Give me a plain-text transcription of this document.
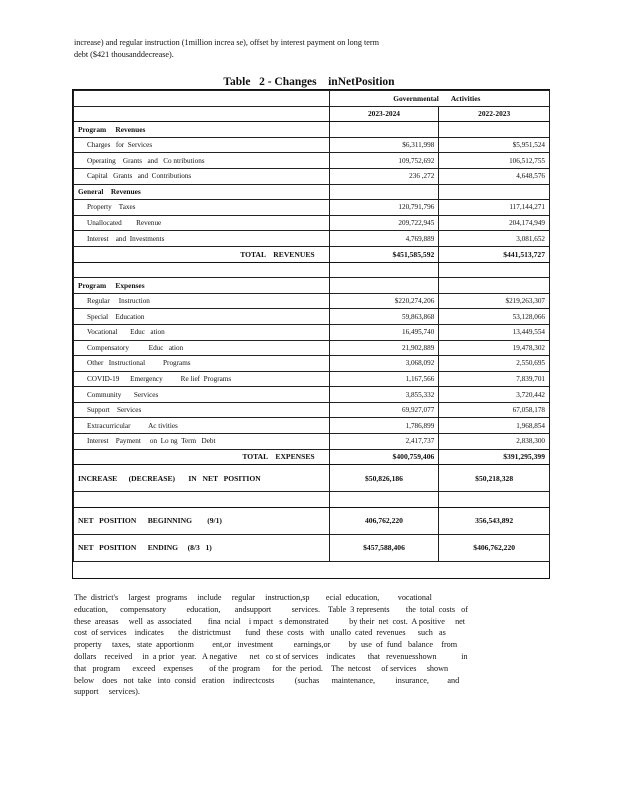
increase) and regular instruction (1million increa se), offset by interest payment on long term

debt ($421 thousanddecrease).

Table   2 - Changes    inNetPosition
	Governmental	Activities
	2023-2024	2022-2023
Program     Revenues		
Charges   for  Services	$6,311,998	$5,951,524
Operating    Grants   and   Co ntributions	109,752,692	106,512,755
Capital   Grants   and  Contributions	236 ,272	4,648,576
General    Revenues		
Property    Taxes	120,791,796	117,144,271
Unallocated        Revenue	209,722,945	204,174,949
Interest    and  Investments	4,769,889	3,081,652
TOTAL    REVENUES	$451,585,592	$441,513,727

Program     Expenses		
Regular     Instruction	$220,274,206	$219,263,307
Special    Education	59,863,868	53,128,066
Vocational       Educ   ation	16,495,740	13,449,554
Compensatory           Educ   ation	21,902,889	19,478,302
Other   Instructional          Programs	3,068,092	2,550,695
COVID-19      Emergency          Re lief  Programs	1,167,566	7,839,701
Community       Services	3,855,332	3,720,442
Support    Services	69,927,077	67,058,178
Extracurricular          Ac tivities	1,786,899	1,968,854
Interest    Payment     on  Lo ng  Term   Debt	2,417,737	2,838,300
TOTAL    EXPENSES	$400,759,406	$391,295,399
INCREASE      (DECREASE)       IN   NET   POSITION	$50,826,186	$50,218,328

NET   POSITION      BEGINNING        (9/1)	406,762,220	356,543,892
NET   POSITION      ENDING     (8/3   1)	$457,588,406	$406,762,220

The  district's     largest   programs     include     regular     instruction,sp        ecial  education,         vocational

education,      compensatory          education,       andsupport          services.    Table  3 represents        the  total  costs   of

these  areasas     well  as  associated        fina  ncial    i mpact   s demonstrated          by their  net  cost.  A positive     net

cost  of services    indicates       the  districtmust       fund   these  costs   with   unallo  cated  revenues      such   as

property     taxes,   state  apportionm         ent,or   investment          earnings,or         by  use  of  fund   balance    from

dollars    received     in  a prior   year.   A negative      net   co st of services    indicates      that   revenuesshown            in

that   program      exceed    expenses        of the  program      for  the  period.    The  netcost     of services     shown

below    does   not  take   into  consid   eration    indirectcosts          (suchas      maintenance,          insurance,         and

support     services).
